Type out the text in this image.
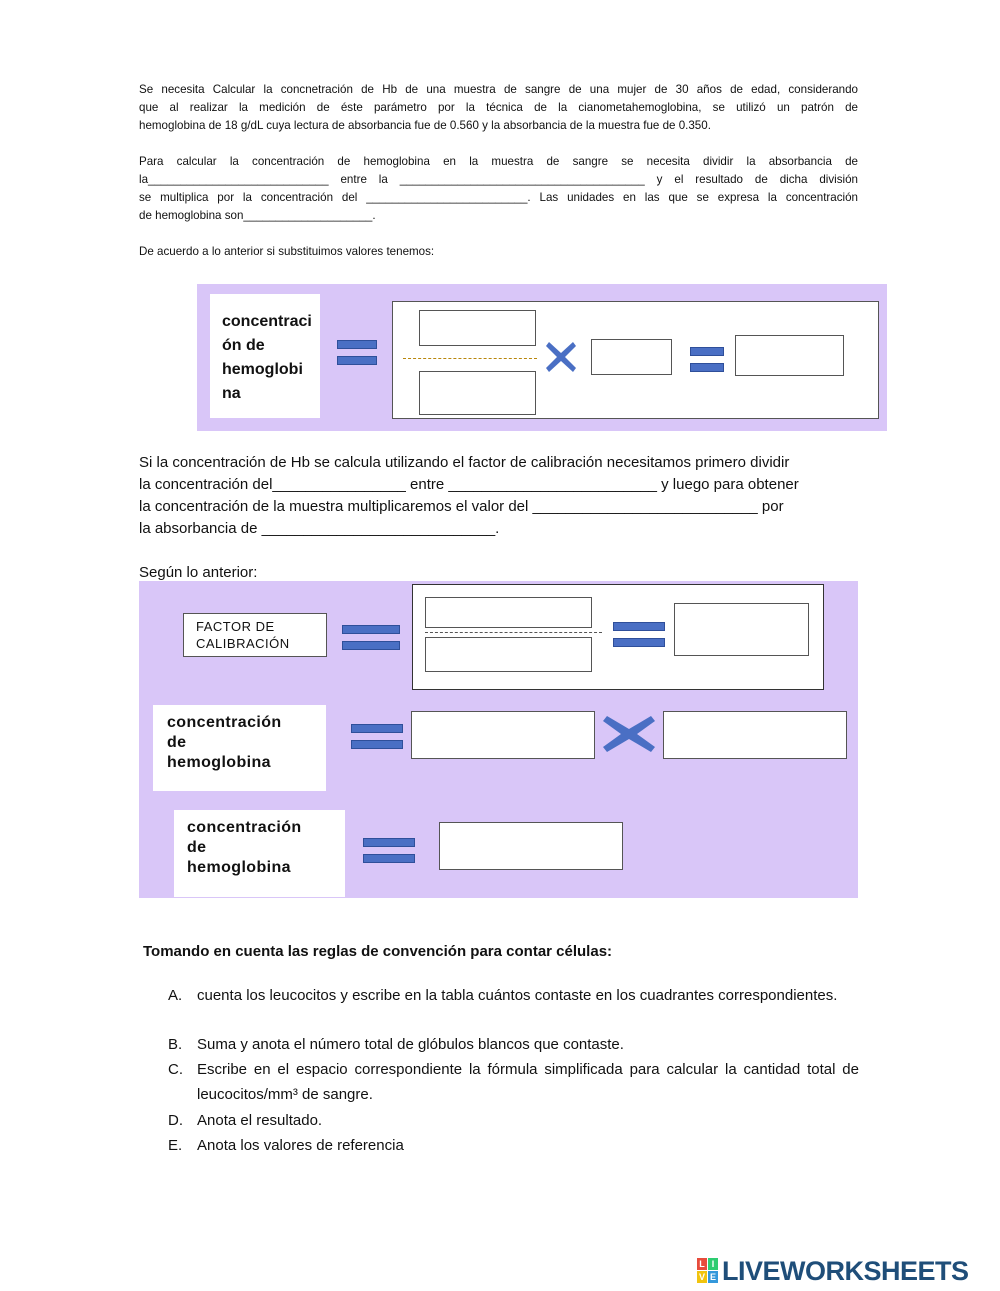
Se necesita Calcular la concnetración de Hb de una muestra de sangre de una mujer de 30 años de edad, considerando
que al realizar la medición de éste parámetro por la técnica de la cianometahemoglobina, se utilizó un patrón de
hemoglobina de 18 g/dL cuya lectura de absorbancia fue de 0.560 y la absorbancia de la muestra fue de 0.350.
Para calcular la concentración de hemoglobina en la muestra de sangre se necesita dividir la absorbancia de
la____________________________ entre la ______________________________________ y el resultado de dicha división
se multiplica por la concentración del _________________________. Las unidades en las que se expresa la concentración
de hemoglobina son____________________.
De acuerdo a lo anterior si substituimos valores tenemos:
concentraci
ón de
hemoglobi
na
Si la concentración de Hb se calcula utilizando el factor de calibración necesitamos primero dividir
la concentración del________________ entre _________________________ y luego para obtener
la concentración de la muestra multiplicaremos el valor del ___________________________ por
la absorbancia de ____________________________.
Según lo anterior:
FACTOR DE
CALIBRACIÓN
concentración
de
hemoglobina
concentración
de
hemoglobina
Tomando en cuenta las reglas de convención para contar células:
A. cuenta los leucocitos y escribe en la tabla cuántos contaste en los cuadrantes correspondientes.
B. Suma y anota el número total de glóbulos blancos que contaste.
C. Escribe en el espacio correspondiente la fórmula simplificada para calcular la cantidad total de leucocitos/mm³ de sangre.
D. Anota el resultado.
E. Anota los valores de referencia
L I
V E LIVEWORKSHEETS
